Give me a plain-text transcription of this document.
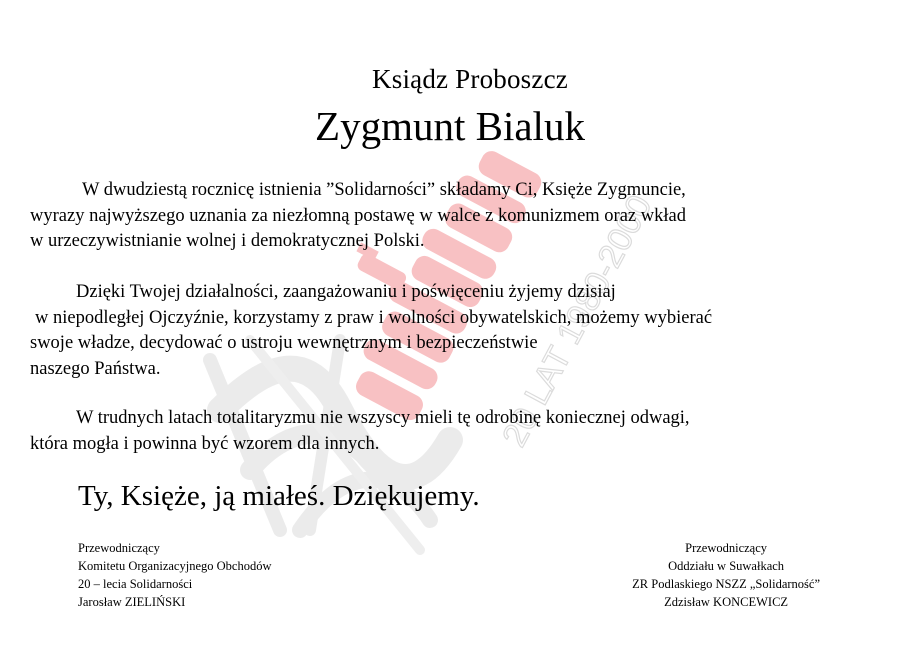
20 LAT 1980-2000
Ksiądz Proboszcz
Zygmunt Bialuk
W dwudziestą rocznicę istnienia ”Solidarności” składamy Ci, Księże Zygmuncie,
wyrazy najwyższego uznania za niezłomną postawę w walce z komunizmem oraz wkład
w urzeczywistnianie wolnej i demokratycznej Polski.
Dzięki Twojej działalności, zaangażowaniu i poświęceniu żyjemy dzisiaj
w niepodległej Ojczyźnie, korzystamy z praw i wolności obywatelskich, możemy wybierać
swoje władze, decydować o ustroju wewnętrznym i bezpieczeństwie
naszego Państwa.
W trudnych latach totalitaryzmu nie wszyscy mieli tę odrobinę koniecznej odwagi,
która mogła i powinna być wzorem dla innych.
Ty, Księże, ją miałeś. Dziękujemy.
Przewodniczący
Komitetu Organizacyjnego Obchodów
20 – lecia Solidarności
Jarosław ZIELIŃSKI
Przewodniczący
Oddziału w Suwałkach
ZR Podlaskiego NSZZ „Solidarność”
Zdzisław KONCEWICZ
